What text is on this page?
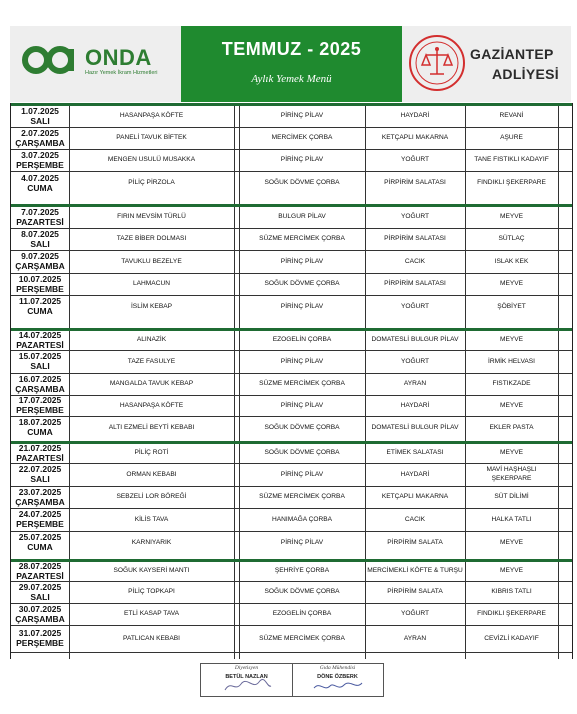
ONDA
Hazır Yemek İkram Hizmetleri
TEMMUZ - 2025
Aylık Yemek Menü
GAZİANTEP
ADLİYESİ
1.07.2025
SALI	HASANPAŞA KÖFTE	PİRİNÇ PİLAV	HAYDARİ	REVANİ
2.07.2025
ÇARŞAMBA	PANELİ TAVUK BİFTEK	MERCİMEK ÇORBA	KETÇAPLI MAKARNA	AŞURE
3.07.2025
PERŞEMBE	MENGEN USULÜ MUSAKKA	PİRİNÇ PİLAV	YOĞURT	TANE FISTIKLI KADAYIF
4.07.2025
CUMA	PİLİÇ PİRZOLA	SOĞUK DÖVME ÇORBA	PİRPİRİM SALATASI	FINDIKLI ŞEKERPARE
7.07.2025
PAZARTESİ	FIRIN MEVSİM TÜRLÜ	BULGUR PİLAV	YOĞURT	MEYVE
8.07.2025
SALI	TAZE BİBER DOLMASI	SÜZME MERCİMEK ÇORBA	PİRPİRİM SALATASI	SÜTLAÇ
9.07.2025
ÇARŞAMBA	TAVUKLU BEZELYE	PİRİNÇ PİLAV	CACIK	ISLAK KEK
10.07.2025
PERŞEMBE	LAHMACUN	SOĞUK DÖVME ÇORBA	PİRPİRİM SALATASI	MEYVE
11.07.2025
CUMA	İSLİM KEBAP	PİRİNÇ PİLAV	YOĞURT	ŞÖBİYET
14.07.2025
PAZARTESİ	ALINAZİK	EZOGELİN ÇORBA	DOMATESLİ BULGUR PİLAV	MEYVE
15.07.2025
SALI	TAZE FASULYE	PİRİNÇ PİLAV	YOĞURT	İRMİK HELVASI
16.07.2025
ÇARŞAMBA	MANGALDA TAVUK KEBAP	SÜZME MERCİMEK ÇORBA	AYRAN	FISTIKZADE
17.07.2025
PERŞEMBE	HASANPAŞA KÖFTE	PİRİNÇ PİLAV	HAYDARİ	MEYVE
18.07.2025
CUMA	ALTI EZMELİ BEYTİ KEBABI	SOĞUK DÖVME ÇORBA	DOMATESLİ BULGUR PİLAV	EKLER PASTA
21.07.2025
PAZARTESİ	PİLİÇ ROTİ	SOĞUK DÖVME ÇORBA	ETİMEK SALATASI	MEYVE
22.07.2025
SALI	ORMAN KEBABI	PİRİNÇ PİLAV	HAYDARİ
MAVİ HAŞHAŞLI ŞEKERPARE
23.07.2025
ÇARŞAMBA	SEBZELİ LOR BÖREĞİ	SÜZME MERCİMEK ÇORBA	KETÇAPLI MAKARNA	SÜT DİLİMİ
24.07.2025
PERŞEMBE	KİLİS TAVA	HANIMAĞA ÇORBA	CACIK	HALKA TATLI
25.07.2025
CUMA	KARNIYARIK	PİRİNÇ PİLAV	PİRPİRİM SALATA	MEYVE
28.07.2025
PAZARTESİ	SOĞUK KAYSERİ MANTI	ŞEHRİYE ÇORBA	MERCİMEKLİ KÖFTE & TURŞU	MEYVE
29.07.2025
SALI	PİLİÇ TOPKAPI	SOĞUK DÖVME ÇORBA	PİRPİRİM SALATA	KIBRIS TATLI
30.07.2025
ÇARŞAMBA	ETLİ KASAP TAVA	EZOGELİN ÇORBA	YOĞURT	FINDIKLI ŞEKERPARE
31.07.2025
PERŞEMBE	PATLICAN KEBABI	SÜZME MERCİMEK ÇORBA	AYRAN	CEVİZLİ KADAYIF
Diyetisyen
BETÜL NAZLAN
Gıda Mühendisi
DÖNE ÖZBERK
